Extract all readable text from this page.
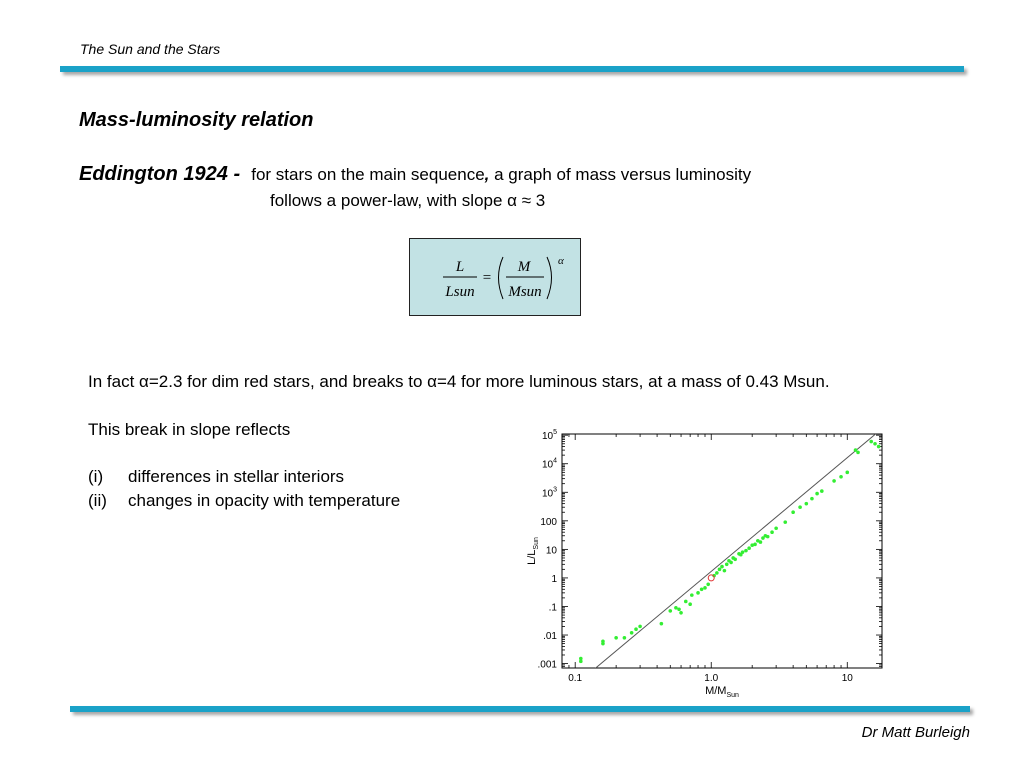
The Sun and the Stars
Mass-luminosity relation
Eddington 1924 - for stars on the main sequence, a graph of mass versus luminosity
follows a power-law, with slope α ≈ 3
L
Lsun
=
M
Msun
α
In fact α=2.3 for dim red stars, and breaks to α=4 for more luminous stars, at a mass of 0.43 Msun.
This break in slope reflects
(i) differences in stellar interiors
(ii) changes in opacity with temperature
.001
.01
.1
1
10
100
$10^3$
$10^4$
$10^5$
0.1	1.0	10
$M/M_{Sun}$
$L/L_{Sun}$
Dr Matt Burleigh
